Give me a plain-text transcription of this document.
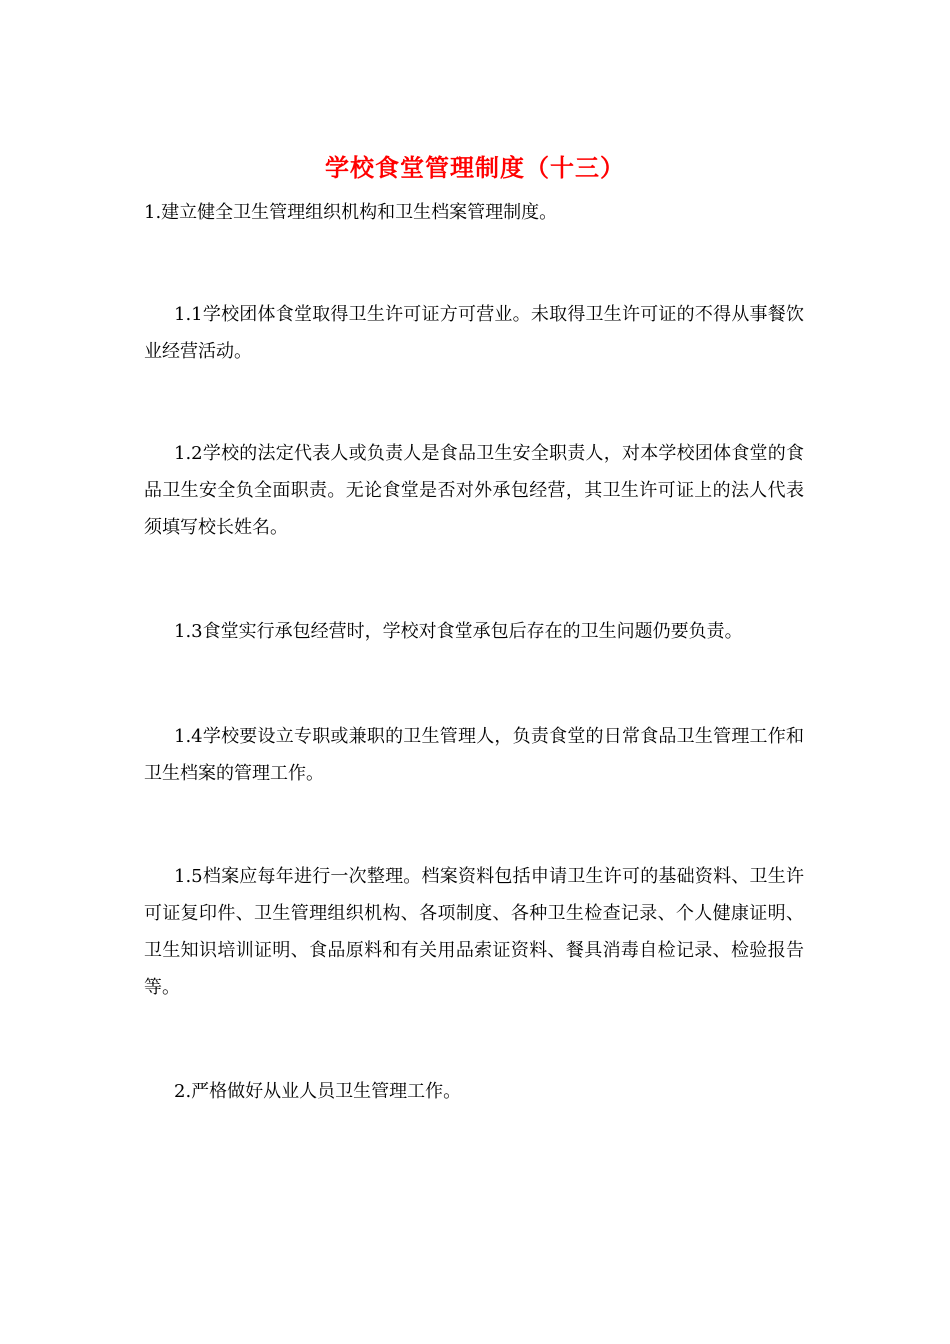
学校食堂管理制度（十三）

1.建立健全卫生管理组织机构和卫生档案管理制度。

1.1学校团体食堂取得卫生许可证方可营业。未取得卫生许可证的不得从事餐饮业经营活动。

1.2学校的法定代表人或负责人是食品卫生安全职责人，对本学校团体食堂的食品卫生安全负全面职责。无论食堂是否对外承包经营，其卫生许可证上的法人代表须填写校长姓名。

1.3食堂实行承包经营时，学校对食堂承包后存在的卫生问题仍要负责。

1.4学校要设立专职或兼职的卫生管理人，负责食堂的日常食品卫生管理工作和卫生档案的管理工作。

1.5档案应每年进行一次整理。档案资料包括申请卫生许可的基础资料、卫生许可证复印件、卫生管理组织机构、各项制度、各种卫生检查记录、个人健康证明、卫生知识培训证明、食品原料和有关用品索证资料、餐具消毒自检记录、检验报告等。

2.严格做好从业人员卫生管理工作。
